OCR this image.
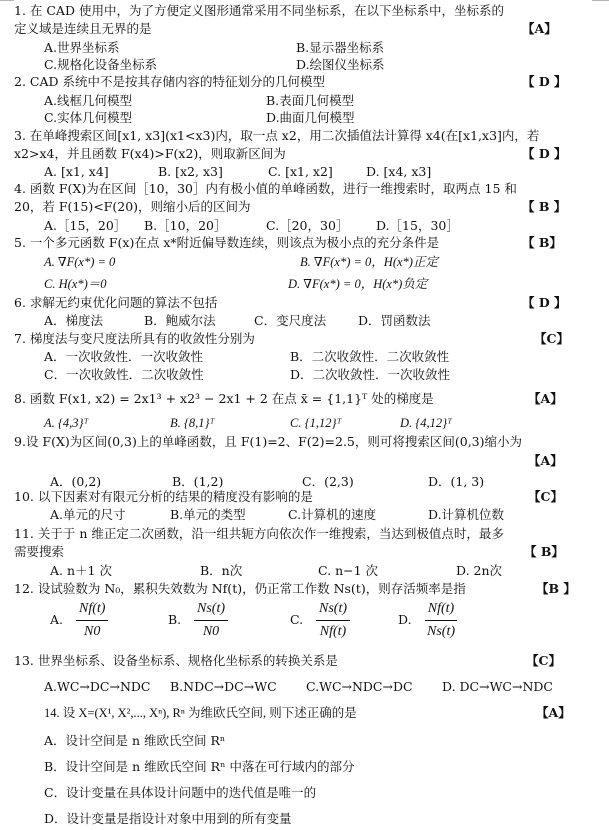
1. 在 CAD 使用中，为了方便定义图形通常采用不同坐标系，在以下坐标系中，坐标系的
定义域是连续且无界的是	【A】
A.世界坐标系	B.显示器坐标系
C.规格化设备坐标系	D.绘图仪坐标系
2. CAD 系统中不是按其存储内容的特征划分的几何模型	【 D 】
A.线框几何模型	B.表面几何模型
C.实体几何模型	D.曲面几何模型
3. 在单峰搜索区间[x1, x3](x1<x3)内，取一点 x2，用二次插值法计算得 x4(在[x1,x3]内，若
x2>x4，并且函数 F(x4)>F(x2)，则取新区间为	【 D 】
A. [x1, x4]	B. [x2, x3]	C. [x1, x2]	D. [x4, x3]
4. 函数 F(X)为在区间［10，30］内有极小值的单峰函数，进行一维搜索时，取两点 15 和
20，若 F(15)<F(20)，则缩小后的区间为	【 B 】
A.［15，20］ B.［10，20］	C.［20，30］ D.［15，30］
5. 一个多元函数 F(x)在点 x*附近偏导数连续，则该点为极小点的充分条件是	【 B】
A. ∇F(x*) = 0	B. ∇F(x*) = 0，H(x*)正定
C. H(x*)＝0	D. ∇F(x*) = 0，H(x*)负定
6. 求解无约束优化问题的算法不包括	【 D 】
A．梯度法	B．鲍威尔法	C．变尺度法	D．罚函数法
7. 梯度法与变尺度法所具有的收敛性分别为	【C】
A．一次收敛性．一次收敛性	B．二次收敛性．二次收敛性
C．一次收敛性．二次收敛性	D．二次收敛性．一次收敛性
8. 函数 F(x1, x2) = 2x1³ + x2³ − 2x1 + 2 在点 x̄ = {1,1}ᵀ 处的梯度是	【A】
A. {4,3}ᵀ	B. {8,1}ᵀ	C. {1,12}ᵀ	D. {4,12}ᵀ
9.设 F(X)为区间(0,3)上的单峰函数，且 F(1)=2、F(2)=2.5，则可将搜索区间(0,3)缩小为
【A】
A．(0,2)	B．(1,2)	C．(2,3)	D．(1, 3)
10. 以下因素对有限元分析的结果的精度没有影响的是	【C】
A.单元的尺寸	B.单元的类型	C.计算机的速度	D.计算机位数
11. 关于于 n 维正定二次函数，沿一组共轭方向依次作一维搜索，当达到极值点时，最多
需要搜索	【 B】
A. n＋1 次	B．n次	C. n−1 次	D. 2n次
12. 设试验数为 N₀，累积失效数为 Nf(t)，仍正常工作数 Ns(t)，则存活频率是指	【B 】
A. $\frac{Nf(t)}{N0}$	B. $\frac{Ns(t)}{N0}$	C. $\frac{Ns(t)}{Nf(t)}$	D. $\frac{Nf(t)}{Ns(t)}$
13. 世界坐标系、设备坐标系、规格化坐标系的转换关系是	【C】
A.WC→DC→NDC B.NDC→DC→WC C.WC→NDC→DC D. DC→WC→NDC
14. 设 X=(X¹, X²,..., Xⁿ), Rⁿ 为维欧氏空间, 则下述正确的是	【A】
A．设计空间是 n 维欧氏空间 Rⁿ
B．设计空间是 n 维欧氏空间 Rⁿ 中落在可行域内的部分
C．设计变量在具体设计问题中的迭代值是唯一的
D．设计变量是指设计对象中用到的所有变量
